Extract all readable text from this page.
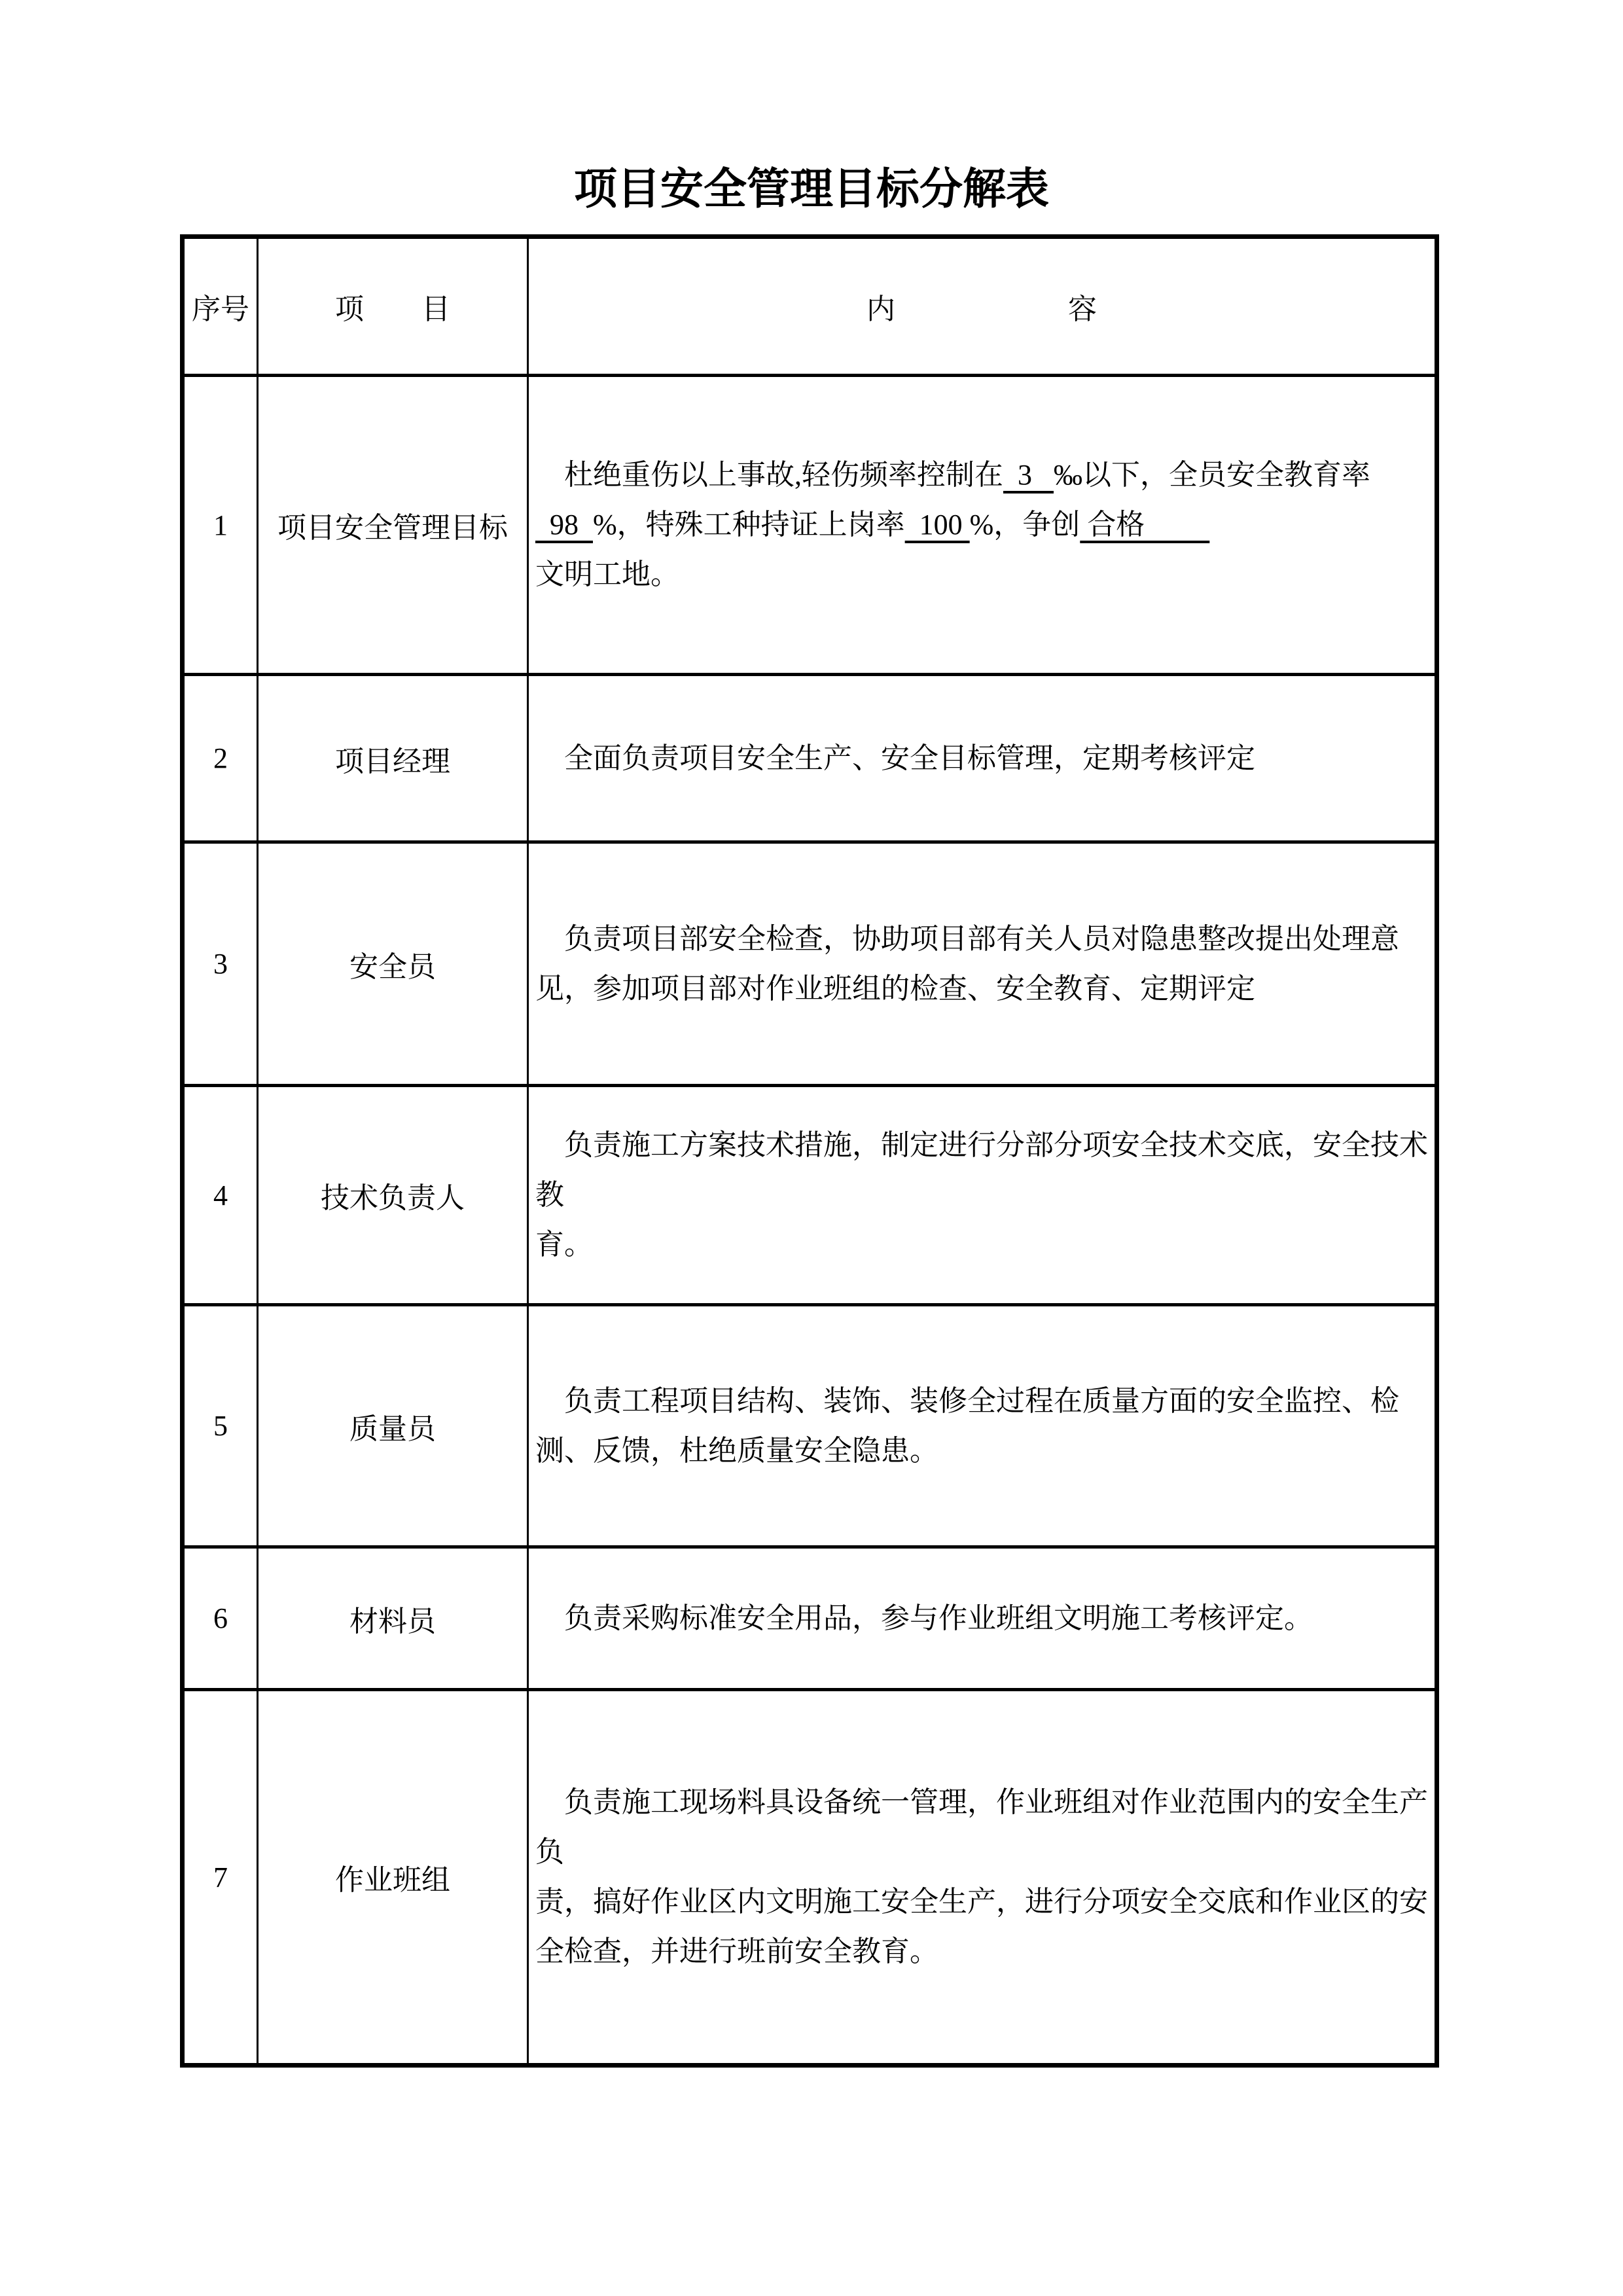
项目安全管理目标分解表
序号	项　　目	内　　　　　　容
1	项目安全管理目标	　杜绝重伤以上事故,轻伤频率控制在  3   ‰以下，全员安全教育率
98  %，特殊工种持证上岗率  100 %，争创 合格　　
文明工地。

2	项目经理	　全面负责项目安全生产、安全目标管理，定期考核评定

3	安全员	　负责项目部安全检查，协助项目部有关人员对隐患整改提出处理意
见，参加项目部对作业班组的检查、安全教育、定期评定

4	技术负责人	　负责施工方案技术措施，制定进行分部分项安全技术交底，安全技术
教
育。

5	质量员	　负责工程项目结构、装饰、装修全过程在质量方面的安全监控、检
测、反馈，杜绝质量安全隐患。

6	材料员	　负责采购标准安全用品，参与作业班组文明施工考核评定。

7	作业班组	　负责施工现场料具设备统一管理，作业班组对作业范围内的安全生产
负
责，搞好作业区内文明施工安全生产，进行分项安全交底和作业区的安
全检查，并进行班前安全教育。
